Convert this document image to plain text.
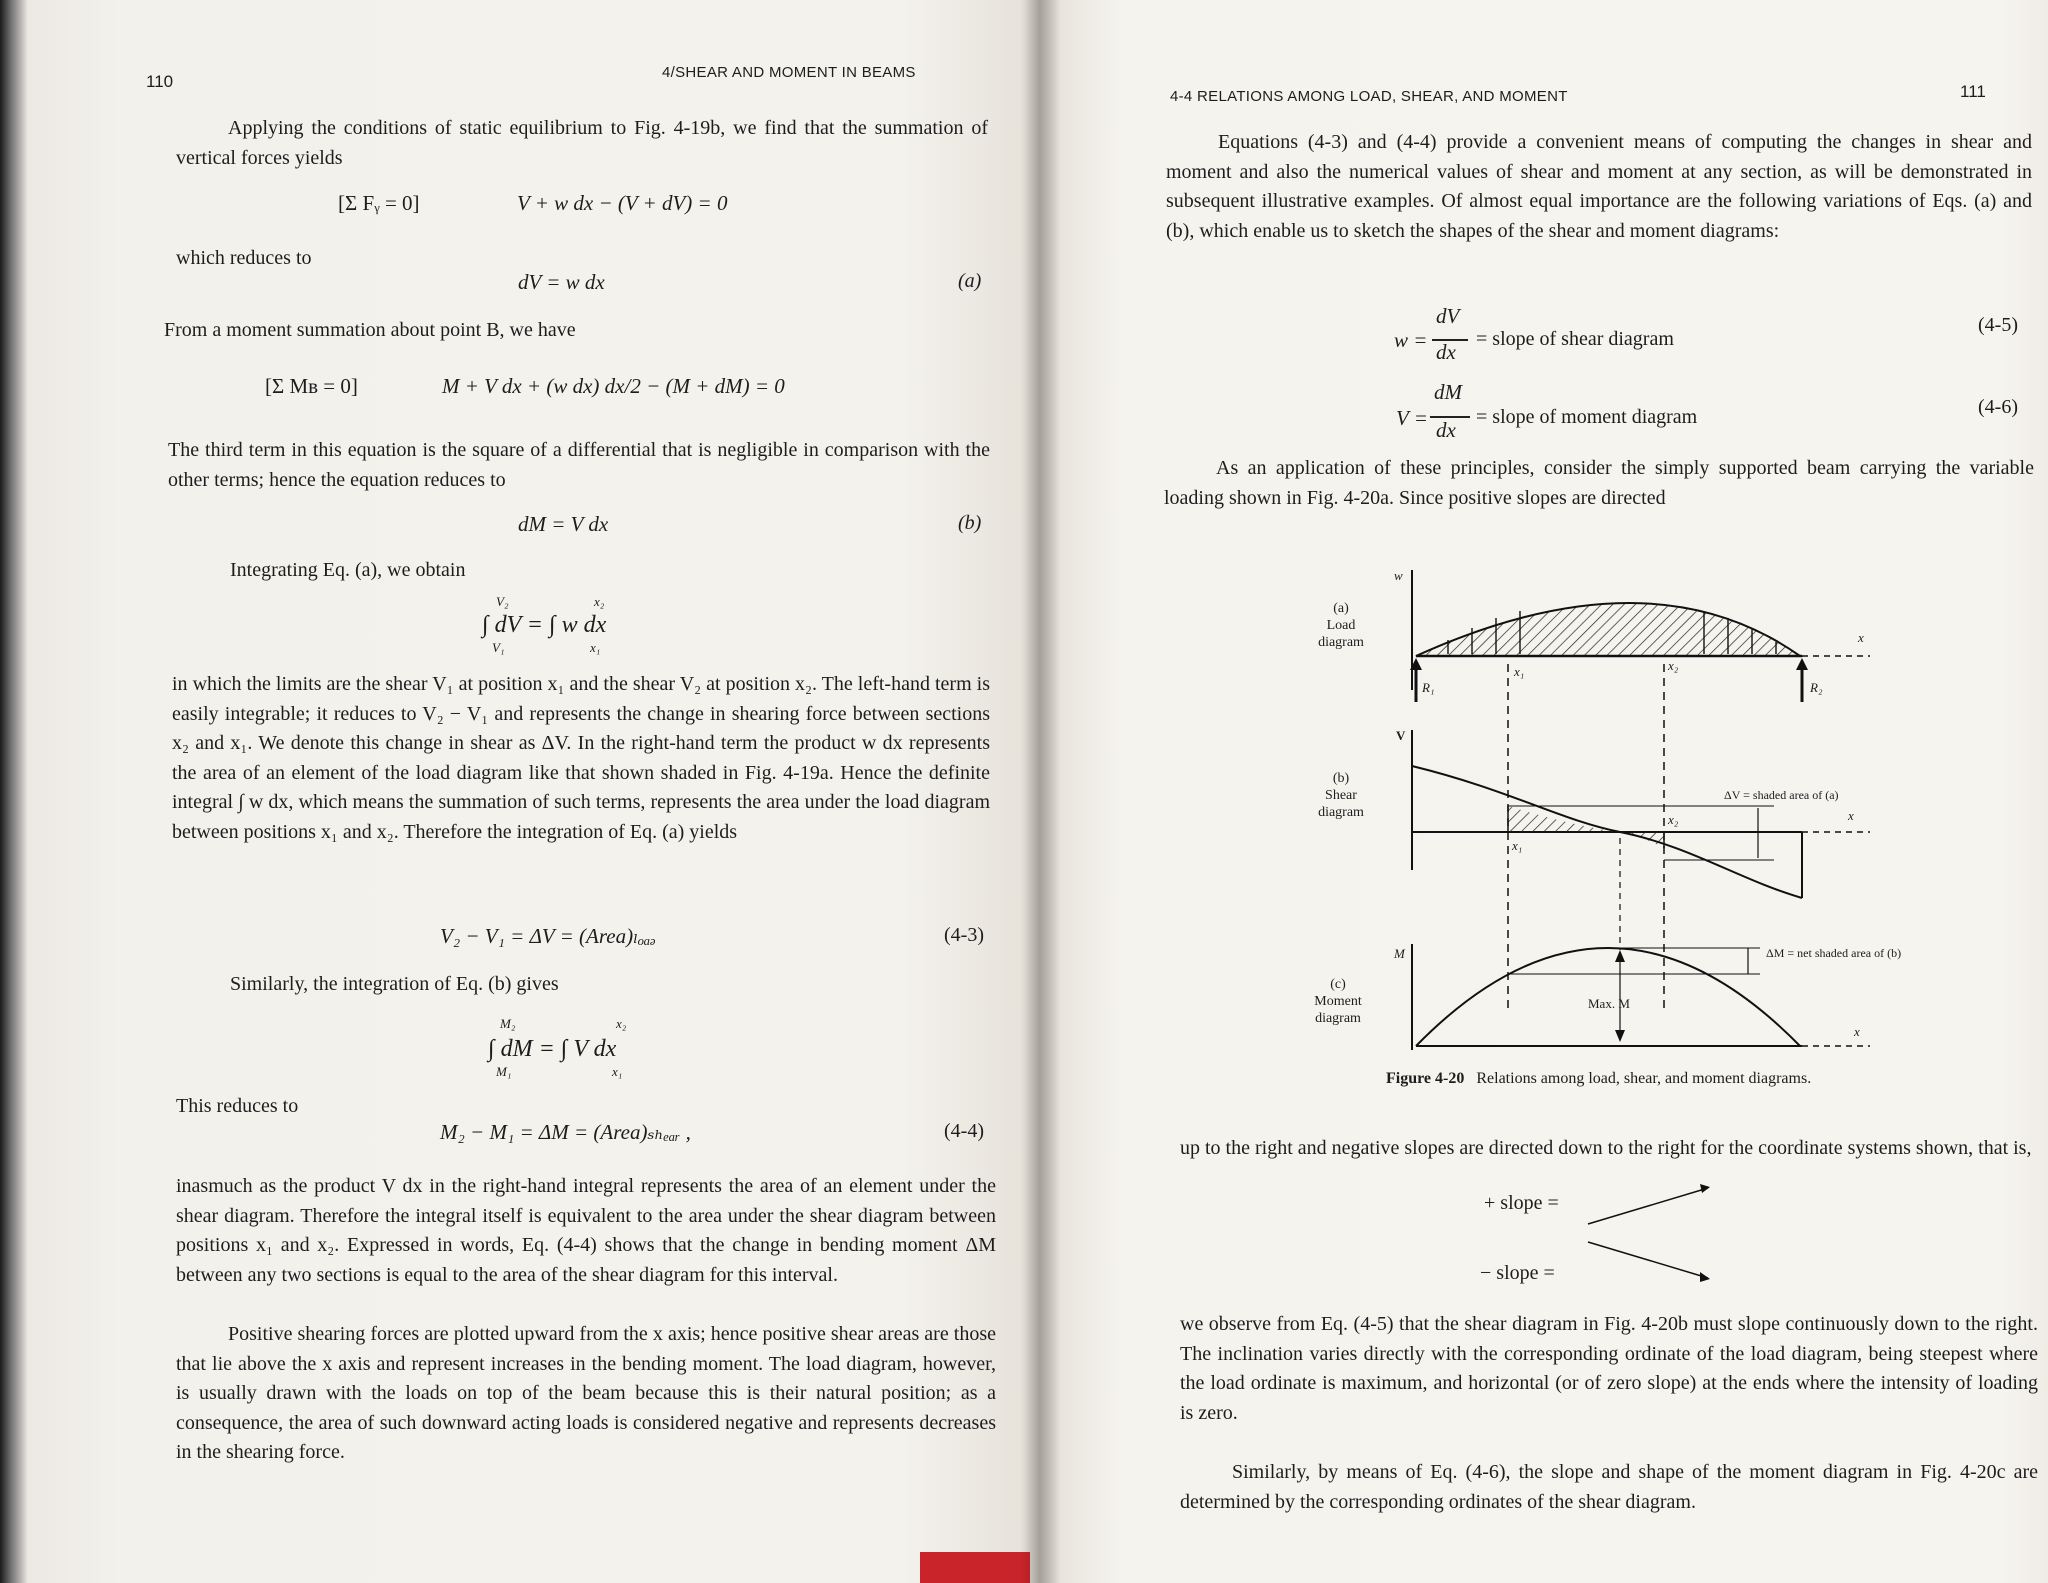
110	4/SHEAR AND MOMENT IN BEAMS
Applying the conditions of static equilibrium to Fig. 4-19b, we find that the summation of vertical forces yields
[Σ Fᵧ = 0]	V + w dx − (V + dV) = 0
which reduces to
dV = w dx	(a)
From a moment summation about point B, we have
[Σ Mʙ = 0]	M + V dx + (w dx) dx/2 − (M + dM) = 0
The third term in this equation is the square of a differential that is negligible in comparison with the other terms; hence the equation reduces to
dM = V dx	(b)
Integrating Eq. (a), we obtain
∫ dV = ∫ w dx
V₂
V₁
x₂
x₁
in which the limits are the shear V₁ at position x₁ and the shear V₂ at position x₂. The left-hand term is easily integrable; it reduces to V₂ − V₁ and represents the change in shearing force between sections x₂ and x₁. We denote this change in shear as ΔV. In the right-hand term the product w dx represents the area of an element of the load diagram like that shown shaded in Fig. 4-19a. Hence the definite integral ∫ w dx, which means the summation of such terms, represents the area under the load diagram between positions x₁ and x₂. Therefore the integration of Eq. (a) yields
V₂ − V₁ = ΔV = (Area)ₗₒₐₔ	(4-3)
Similarly, the integration of Eq. (b) gives
∫ dM = ∫ V dx
M₂
M₁
x₂
x₁
This reduces to
M₂ − M₁ = ΔM = (Area)ₛₕₑₐᵣ ,	(4-4)
inasmuch as the product V dx in the right-hand integral represents the area of an element under the shear diagram. Therefore the integral itself is equivalent to the area under the shear diagram between positions x₁ and x₂. Expressed in words, Eq. (4-4) shows that the change in bending moment ΔM between any two sections is equal to the area of the shear diagram for this interval.
Positive shearing forces are plotted upward from the x axis; hence positive shear areas are those that lie above the x axis and represent increases in the bending moment. The load diagram, however, is usually drawn with the loads on top of the beam because this is their natural position; as a consequence, the area of such downward acting loads is considered negative and represents decreases in the shearing force.
4-4 RELATIONS AMONG LOAD, SHEAR, AND MOMENT	111
Equations (4-3) and (4-4) provide a convenient means of computing the changes in shear and moment and also the numerical values of shear and moment at any section, as will be demonstrated in subsequent illustrative examples. Of almost equal importance are the following variations of Eqs. (a) and (b), which enable us to sketch the shapes of the shear and moment diagrams:
w =
dV
dx
= slope of shear diagram
(4-5)
V =
dM
dx
= slope of moment diagram	(4-6)
As an application of these principles, consider the simply supported beam carrying the variable loading shown in Fig. 4-20a. Since positive slopes are directed
(a)
Load
diagram
(b)
Shear
diagram
(c)
Moment
diagram
w
V
M
x
x
x
x₁	x₂
x₁
x₂
R₁	R₂
ΔV = shaded area of (a)
ΔM = net shaded area of (b)
Max. M
Figure 4-20 Relations among load, shear, and moment diagrams.
up to the right and negative slopes are directed down to the right for the coordinate systems shown, that is,
+ slope =
− slope =
we observe from Eq. (4-5) that the shear diagram in Fig. 4-20b must slope continuously down to the right. The inclination varies directly with the corresponding ordinate of the load diagram, being steepest where the load ordinate is maximum, and horizontal (or of zero slope) at the ends where the intensity of loading is zero.
Similarly, by means of Eq. (4-6), the slope and shape of the moment diagram in Fig. 4-20c are determined by the corresponding ordinates of the shear diagram.
